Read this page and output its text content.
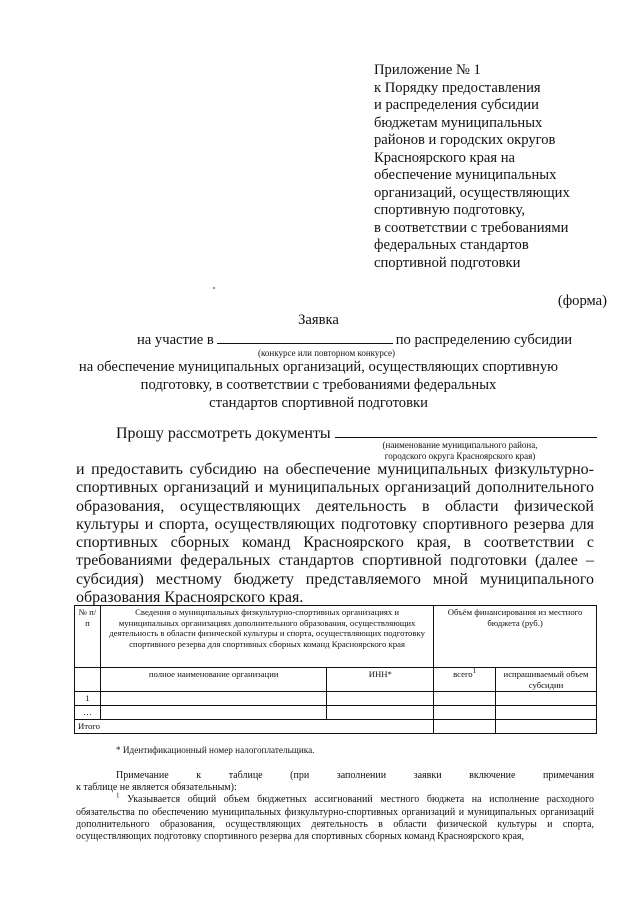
Приложение № 1
к Порядку предоставления
и распределения субсидии
бюджетам муниципальных
районов и городских округов
Красноярского края на
обеспечение муниципальных
организаций, осуществляющих
спортивную подготовку,
в соответствии с требованиями
федеральных стандартов
спортивной подготовки
(форма)
Заявка
на участие в	по распределению субсидии
(конкурсе или повторном конкурсе)
на обеспечение муниципальных организаций, осуществляющих спортивную
подготовку, в соответствии с требованиями федеральных
стандартов спортивной подготовки
Прошу рассмотреть документы
(наименование муниципального района,
городского округа Красноярского края)
и предоставить субсидию на обеспечение муниципальных физкультурно-спортивных организаций и муниципальных организаций дополнительного образования, осуществляющих деятельность в области физической культуры и спорта, осуществляющих подготовку спортивного резерва для спортивных сборных команд Красноярского края, в соответствии с требованиями федеральных стандартов спортивной подготовки (далее – субсидия) местному бюджету представляемого мной муниципального образования Красноярского края.
№ п/п	Сведения о муниципальных физкультурно-спортивных организациях и муниципальных организациях дополнительного образования, осуществляющих деятельность в области физической культуры и спорта, осуществляющих подготовку спортивного резерва для спортивных сборных команд Красноярского края		Объём финансирования из местного бюджета (руб.)	
	полное наименование организации	ИНН*	всего$^1$	испрашиваемый объем субсидии
1				
…				
Итого				
* Идентификационный номер налогоплательщика.
Примечание к таблице (при заполнении заявки включение примечания
к таблице не является обязательным):
$^1$ Указывается общий объем бюджетных ассигнований местного бюджета на исполнение расходного обязательства по обеспечению муниципальных физкультурно-спортивных организаций и муниципальных организаций дополнительного образования, осуществляющих деятельность в области физической культуры и спорта, осуществляющих подготовку спортивного резерва для спортивных сборных команд Красноярского края,
